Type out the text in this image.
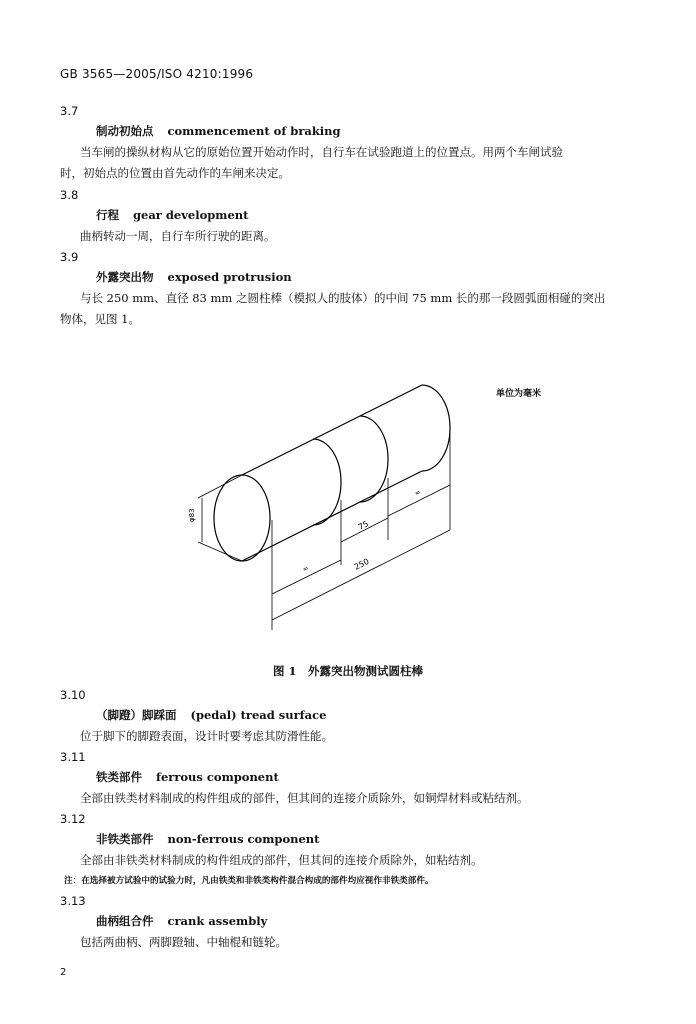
GB 3565—2005/ISO 4210:1996
3.7
制动初始点 commencement of braking
当车闸的操纵材构从它的原始位置开始动作时，自行车在试验跑道上的位置点。用两个车闸试验
时，初始点的位置由首先动作的车闸来决定。
3.8
行程 gear development
曲柄转动一周，自行车所行驶的距离。
3.9
外露突出物 exposed protrusion
与长 250 mm、直径 83 mm 之圆柱棒（模拟人的肢体）的中间 75 mm 长的那一段圆弧面相碰的突出
物体，见图 1。
单位为毫米
φ83
≈
75
≈
250
图 1　外露突出物测试圆柱棒
3.10
（脚蹬）脚踩面 (pedal) tread surface
位于脚下的脚蹬表面，设计时要考虑其防滑性能。
3.11
铁类部件 ferrous component
全部由铁类材料制成的构件组成的部件，但其间的连接介质除外，如铜焊材料或粘结剂。
3.12
非铁类部件 non-ferrous component
全部由非铁类材料制成的构件组成的部件，但其间的连接介质除外，如粘结剂。
注：在选择被方试验中的试验力时，凡由铁类和非铁类构件混合构成的部件均应视作非铁类部件。
3.13
曲柄组合件 crank assembly
包括两曲柄、两脚蹬轴、中轴棍和链轮。
2
